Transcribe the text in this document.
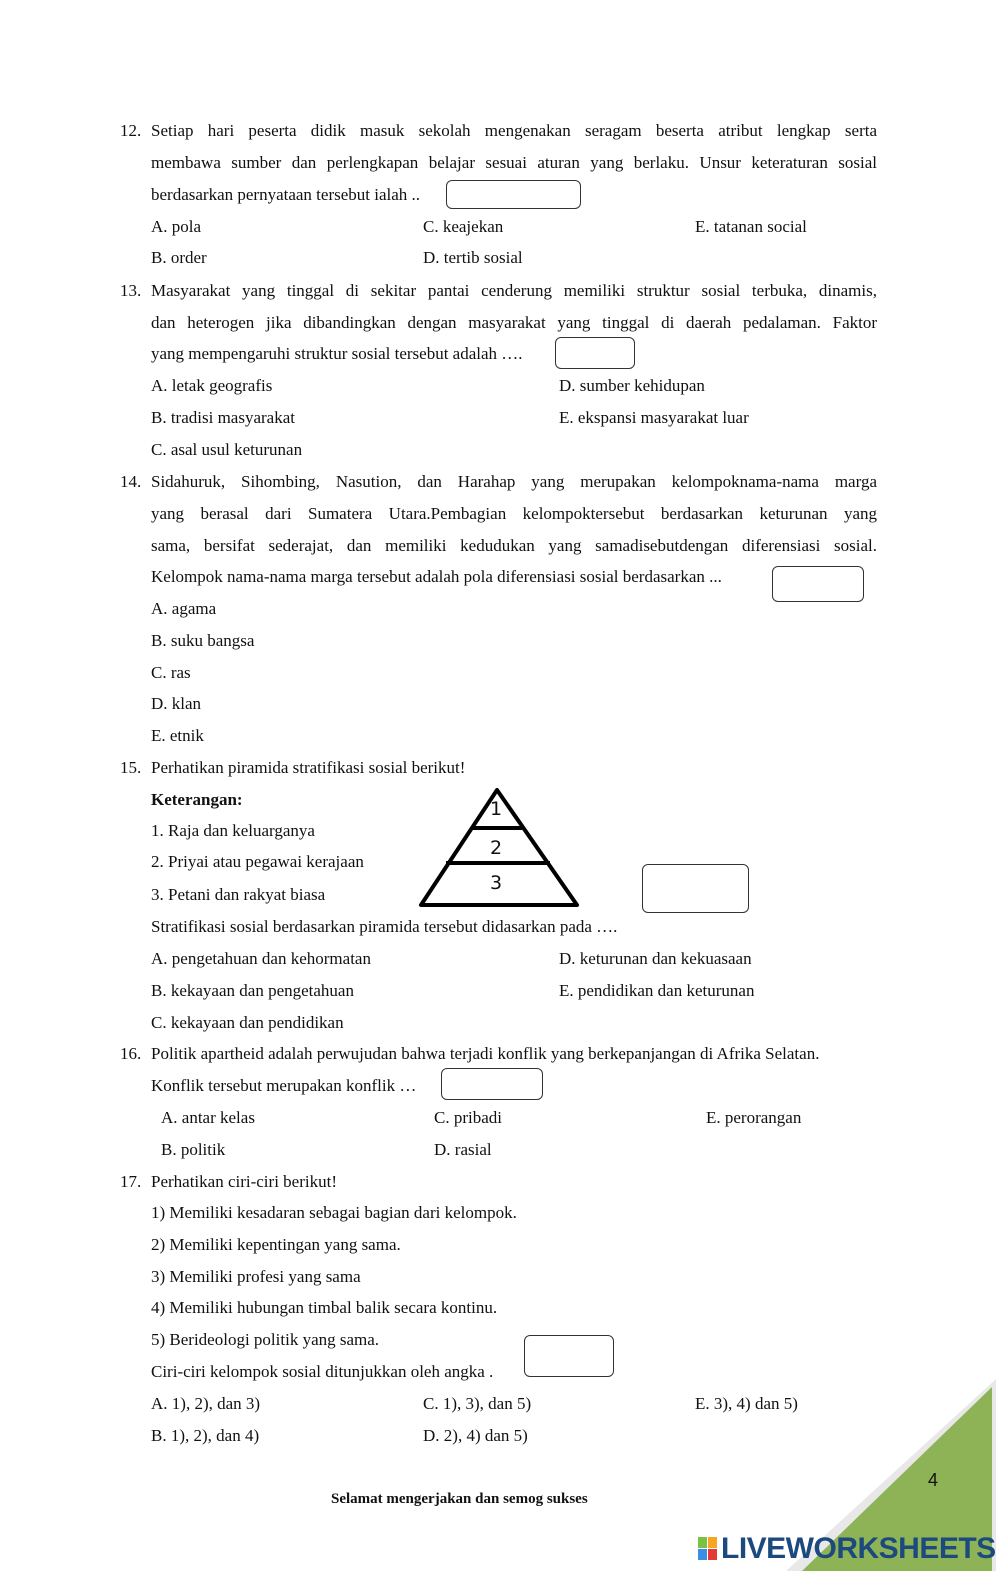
12. Setiap hari peserta didik masuk sekolah mengenakan seragam beserta atribut lengkap serta
membawa sumber dan perlengkapan belajar sesuai aturan yang berlaku. Unsur keteraturan sosial
berdasarkan pernyataan tersebut ialah ..
A. pola	C. keajekan	E. tatanan social
B. order	D. tertib sosial
13. Masyarakat yang tinggal di sekitar pantai cenderung memiliki struktur sosial terbuka, dinamis,
dan heterogen jika dibandingkan dengan masyarakat yang tinggal di daerah pedalaman. Faktor
yang mempengaruhi struktur sosial tersebut adalah ….
A. letak geografis	D. sumber kehidupan
B. tradisi masyarakat	E. ekspansi masyarakat luar
C. asal usul keturunan
14. Sidahuruk, Sihombing, Nasution, dan Harahap yang merupakan kelompoknama-nama marga
yang berasal dari Sumatera Utara.Pembagian kelompoktersebut berdasarkan keturunan yang
sama, bersifat sederajat, dan memiliki kedudukan yang samadisebutdengan diferensiasi sosial.
Kelompok nama-nama marga tersebut adalah pola diferensiasi sosial berdasarkan ...
A. agama
B. suku bangsa
C. ras
D. klan
E. etnik
15. Perhatikan piramida stratifikasi sosial berikut!
Keterangan:
1. Raja dan keluarganya
2. Priyai atau pegawai kerajaan
3. Petani dan rakyat biasa
1
2
3
Stratifikasi sosial berdasarkan piramida tersebut didasarkan pada ….
A. pengetahuan dan kehormatan	D. keturunan dan kekuasaan
B. kekayaan dan pengetahuan	E. pendidikan dan keturunan
C. kekayaan dan pendidikan
16. Politik apartheid adalah perwujudan bahwa terjadi konflik yang berkepanjangan di Afrika Selatan.
Konflik tersebut merupakan konflik …
A. antar kelas	C. pribadi	E. perorangan
B. politik	D. rasial
17. Perhatikan ciri-ciri berikut!
1) Memiliki kesadaran sebagai bagian dari kelompok.
2) Memiliki kepentingan yang sama.
3) Memiliki profesi yang sama
4) Memiliki hubungan timbal balik secara kontinu.
5) Berideologi politik yang sama.
Ciri-ciri kelompok sosial ditunjukkan oleh angka .
A. 1), 2), dan 3)	C. 1), 3), dan 5)	E. 3), 4) dan 5)
B. 1), 2), dan 4)	D. 2), 4) dan 5)
4
Selamat mengerjakan dan semog sukses
LIVEWORKSHEETS
